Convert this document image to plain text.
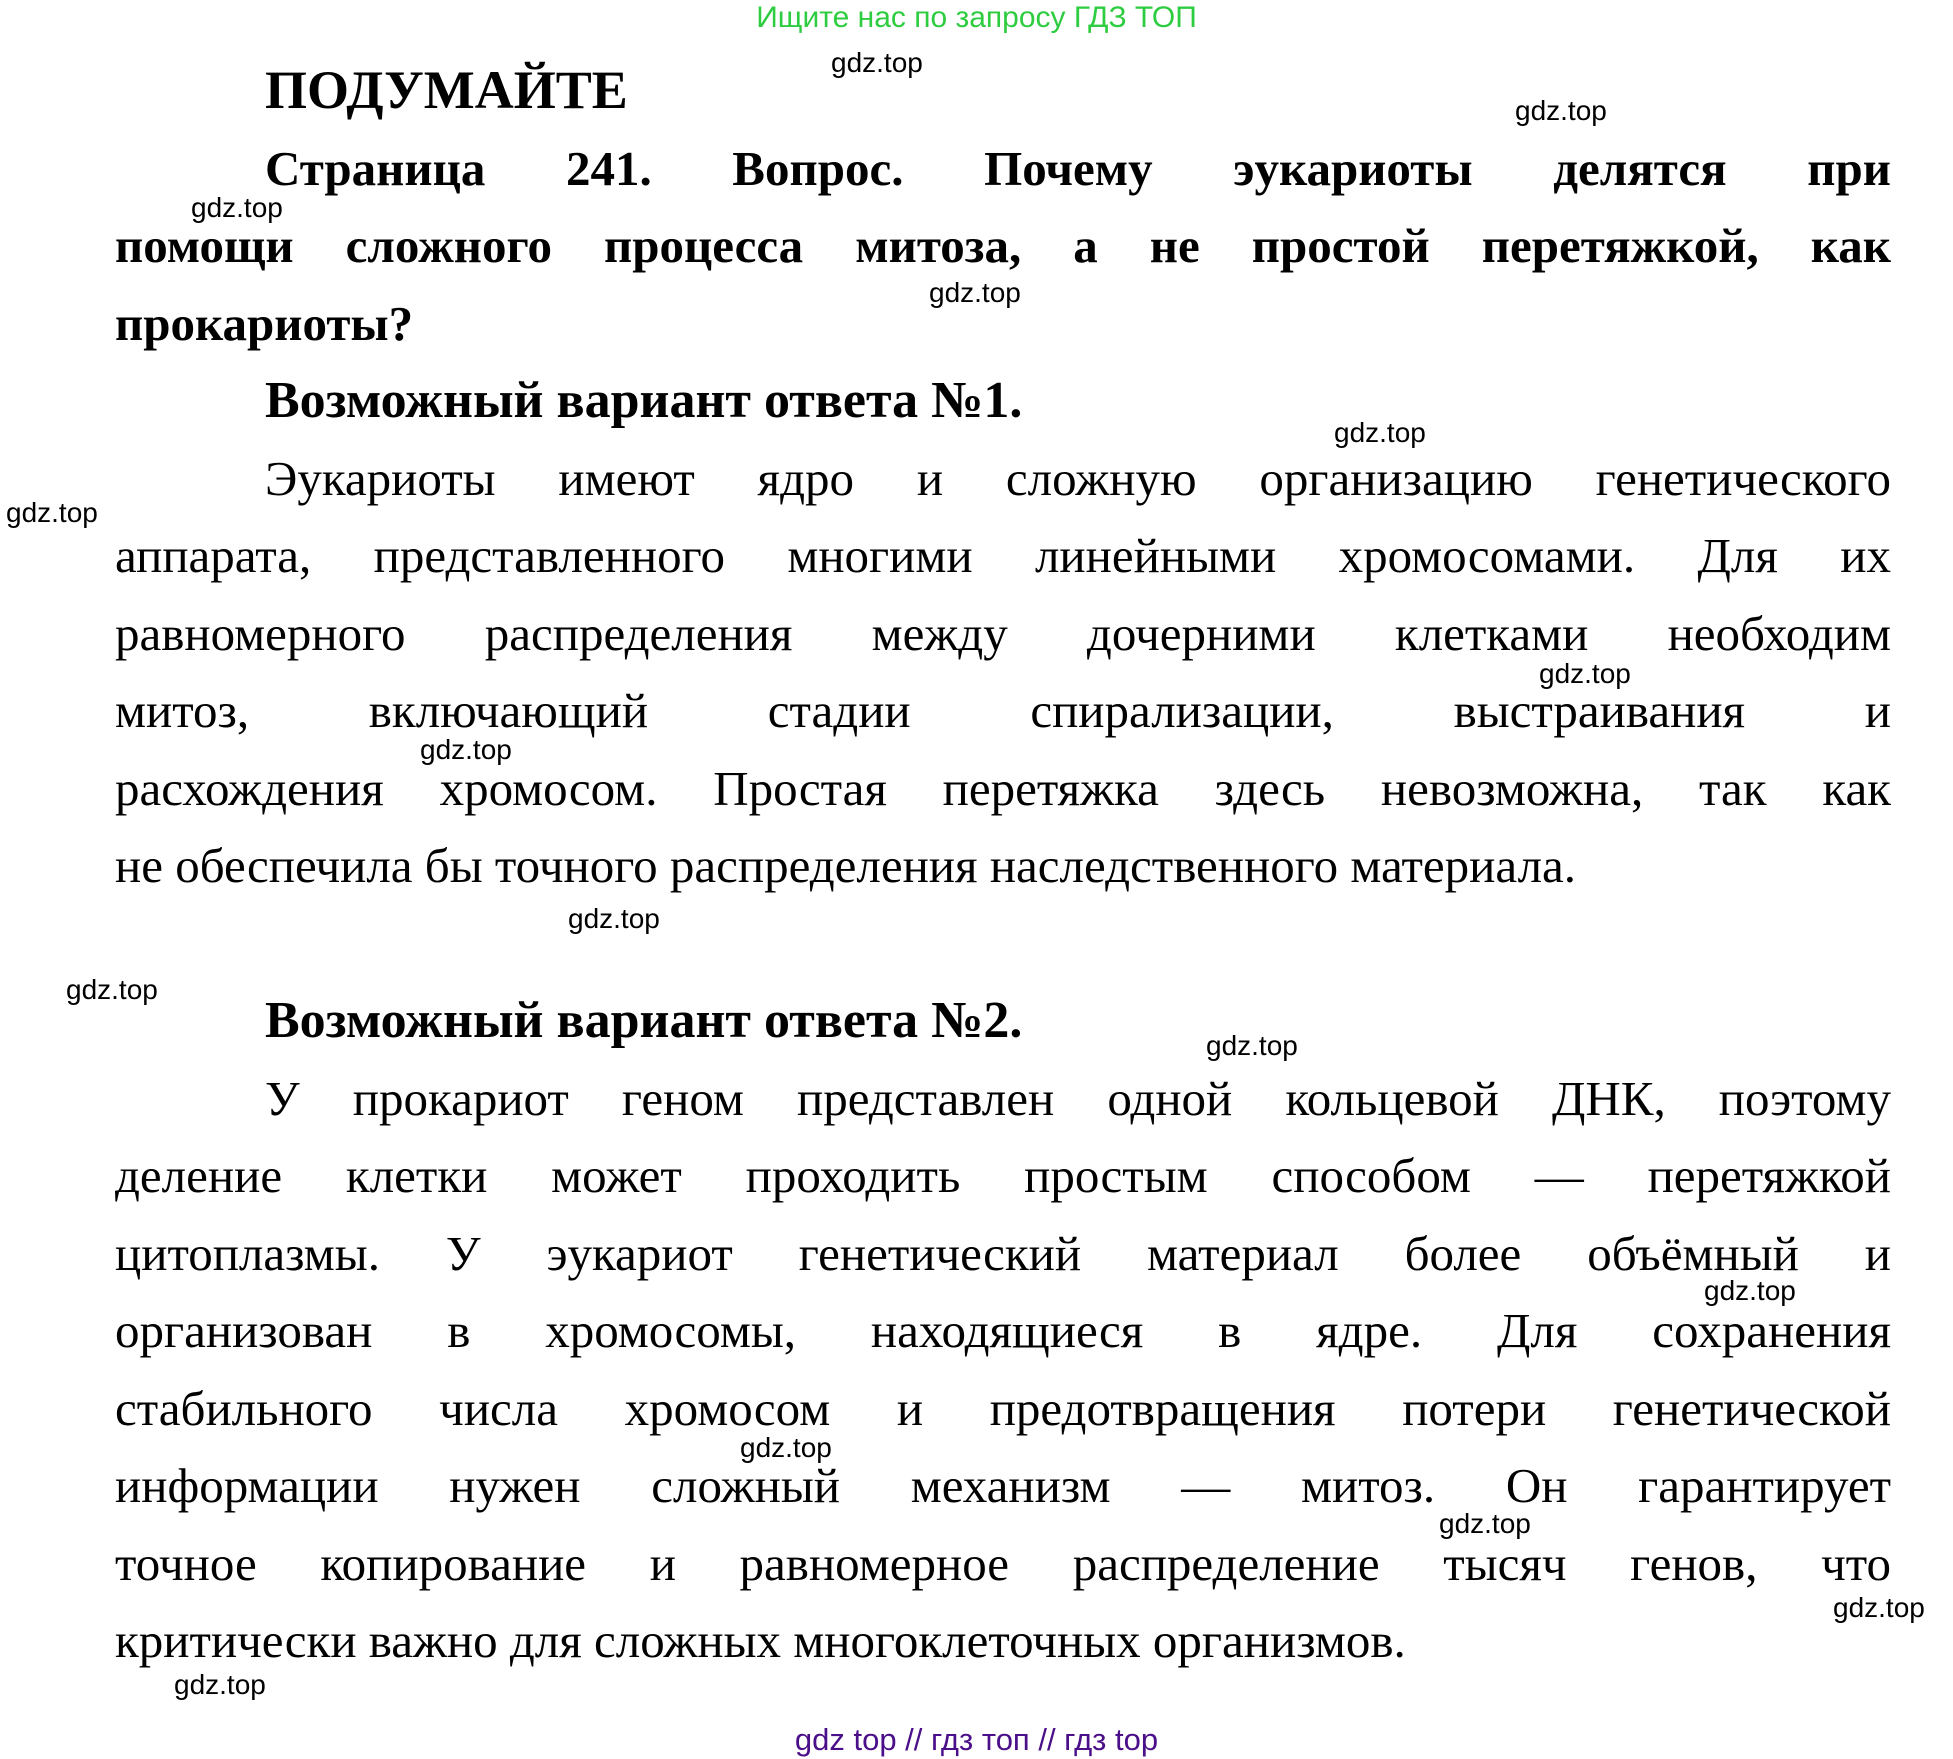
Ищите нас по запросу ГДЗ ТОП
ПОДУМАЙТЕ
Страница 241. Вопрос. Почему эукариоты делятся при
помощи сложного процесса митоза, а не простой перетяжкой, как
прокариоты?
Возможный вариант ответа №1.
Эукариоты имеют ядро и сложную организацию генетического
аппарата, представленного многими линейными хромосомами. Для их
равномерного распределения между дочерними клетками необходим
митоз, включающий стадии спирализации, выстраивания и
расхождения хромосом. Простая перетяжка здесь невозможна, так как
не обеспечила бы точного распределения наследственного материала.
Возможный вариант ответа №2.
У прокариот геном представлен одной кольцевой ДНК, поэтому
деление клетки может проходить простым способом — перетяжкой
цитоплазмы. У эукариот генетический материал более объёмный и
организован в хромосомы, находящиеся в ядре. Для сохранения
стабильного числа хромосом и предотвращения потери генетической
информации нужен сложный механизм — митоз. Он гарантирует
точное копирование и равномерное распределение тысяч генов, что
критически важно для сложных многоклеточных организмов.
gdz.top
gdz.top
gdz.top
gdz.top
gdz.top
gdz.top
gdz.top
gdz.top
gdz.top
gdz.top
gdz.top
gdz.top
gdz.top
gdz.top
gdz.top
gdz.top
gdz top // гдз топ // гдз top
